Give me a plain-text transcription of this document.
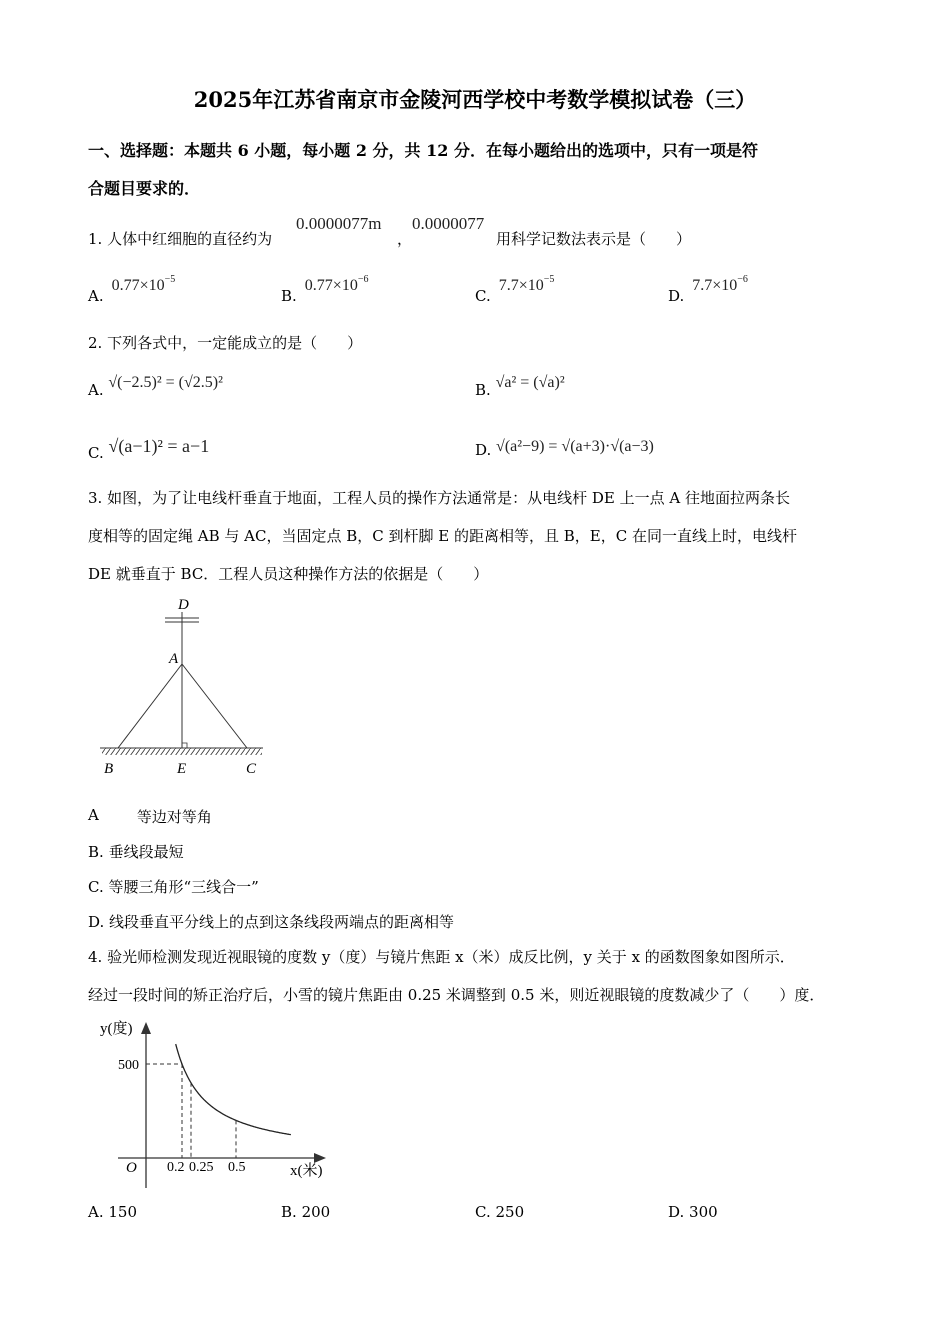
2025年江苏省南京市金陵河西学校中考数学模拟试卷（三）
一、选择题：本题共 6 小题，每小题 2 分，共 12 分．在每小题给出的选项中，只有一项是符
合题目要求的．
1. 人体中红细胞的直径约为
0.0000077m
，
0.0000077
用科学记数法表示是（　　）
$A.0.77\times 10^{-5}$
$B.0.77\times 10^{-6}$
$C.7.7\times 10^{-5}$
$D.7.7\times 10^{-6}$
2. 下列各式中，一定能成立的是（　　）
A. √(−2.5)² = (√2.5)²	B. √a² = (√a)²
C. √(a−1)² = a−1	D. √(a²−9) = √(a+3)·√(a−3)
3. 如图，为了让电线杆垂直于地面，工程人员的操作方法通常是：从电线杆 DE 上一点 A 往地面拉两条长
度相等的固定绳 AB 与 AC，当固定点 B，C 到杆脚 E 的距离相等，且 B，E，C 在同一直线上时，电线杆
DE 就垂直于 BC．工程人员这种操作方法的依据是（　　）
D
A
B	E	C
y(度)
500
O 0.2 0.25 0.5	x(米)
A	等边对等角
B. 垂线段最短
C. 等腰三角形“三线合一”
D. 线段垂直平分线上的点到这条线段两端点的距离相等
4. 验光师检测发现近视眼镜的度数 y（度）与镜片焦距 x（米）成反比例，y 关于 x 的函数图象如图所示．
经过一段时间的矫正治疗后，小雪的镜片焦距由 0.25 米调整到 0.5 米，则近视眼镜的度数减少了（　　）度．
A. 150	B. 200	C. 250	D. 300
